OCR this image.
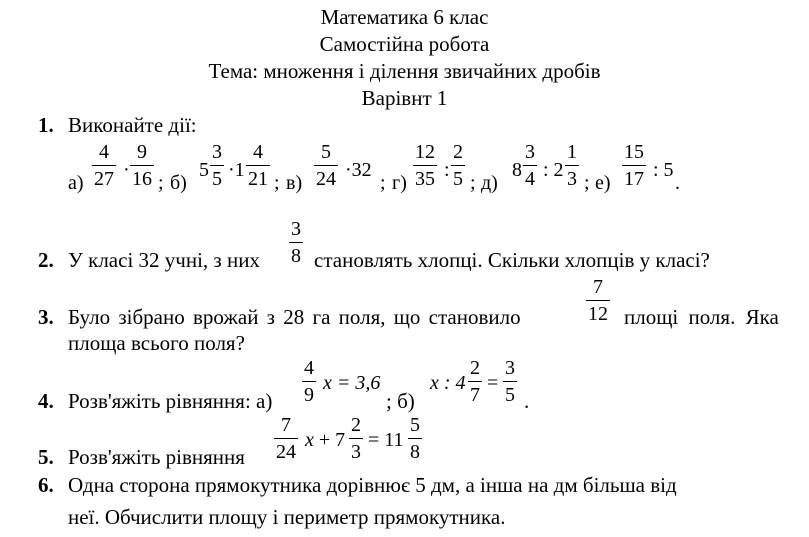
Математика 6 клас
Самостійна робота
Тема: множення і ділення звичайних дробів
Варівнт 1
1. Виконайте дії:
а)
4
27 ·
9
16 ; б)
5
3
5 ·1
4
21 ; в)
5
24 ·32
; г)
12
35 :
2
5 ; д)
8
3
4 : 2
1
3 ; е)
15
17 : 5
.
2. У класі 32 учні, з них
3
8 становлять хлопці. Скільки хлопців у класі?
3. Було зібрано врожай з 28 га поля, що становило
7
12 площі поля. Яка
площа всього поля?
4. Розв'яжіть рівняння: а)
4
9
x = 3,6
; б)
x : 4
2
7
=
3
5 .
5. Розв'яжіть рівняння
7
24
x + 7
2
3
= 11
5
8
6. Одна сторона прямокутника дорівнює 5 дм, а інша на дм більша від
неї. Обчислити площу і периметр прямокутника.
